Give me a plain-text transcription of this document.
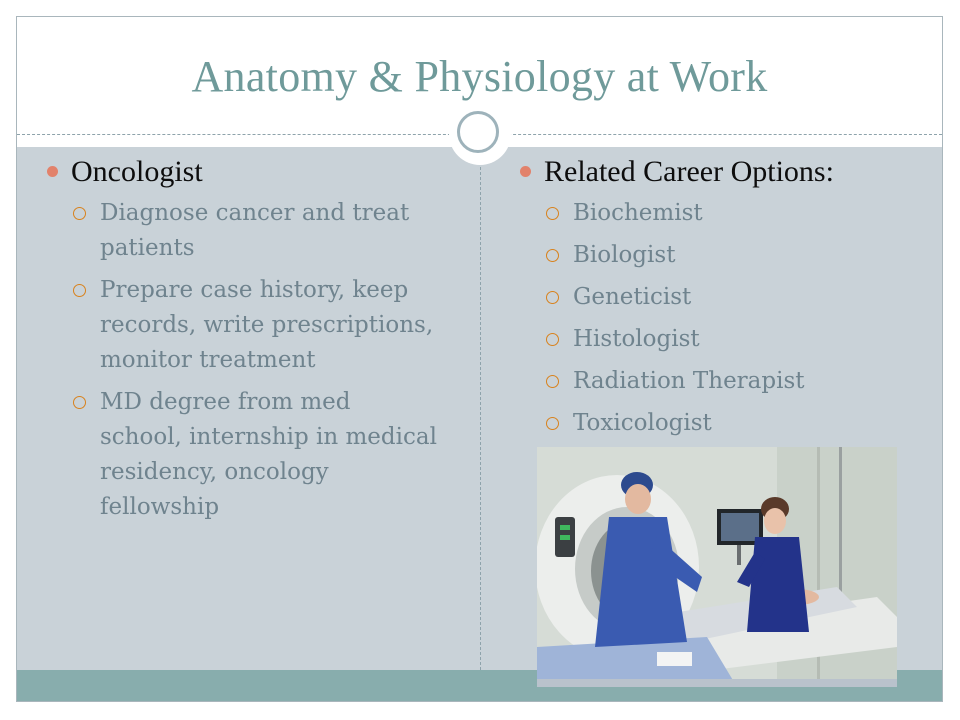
Anatomy & Physiology at Work
Oncologist
Diagnose cancer and treat patients
Prepare case history, keep records, write prescriptions, monitor treatment
MD degree from med school, internship in medical residency, oncology fellowship
Related Career Options:
Biochemist
Biologist
Geneticist
Histologist
Radiation Therapist
Toxicologist
